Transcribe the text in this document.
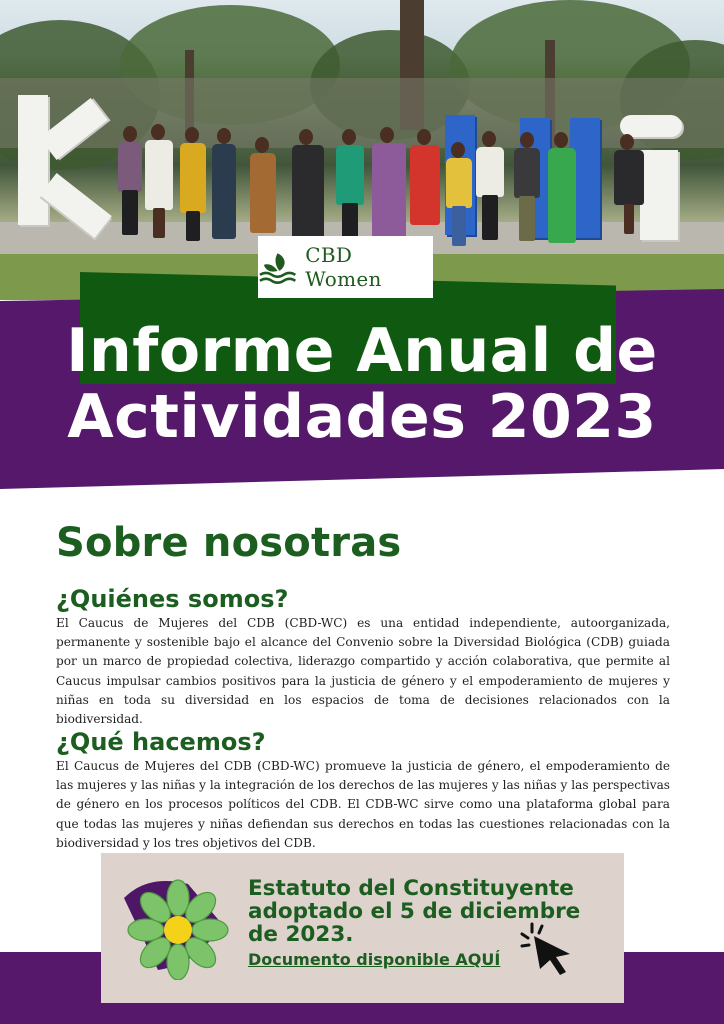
CBD Women
Informe Anual de
Actividades 2023
Sobre nosotras
¿Quiénes somos?

El Caucus de Mujeres del CDB (CBD-WC) es una entidad independiente, autoorganizada, permanente y sostenible bajo el alcance del Convenio sobre la Diversidad Biológica (CDB) guiada por un marco de propiedad colectiva, liderazgo compartido y acción colaborativa, que permite al Caucus impulsar cambios positivos para la justicia de género y el empoderamiento de mujeres y niñas en toda su diversidad en los espacios de toma de decisiones relacionados con la biodiversidad.

¿Qué hacemos?

El Caucus de Mujeres del CDB (CBD-WC) promueve la justicia de género, el empoderamiento de las mujeres y las niñas y la integración de los derechos de las mujeres y las niñas y las perspectivas de género en los procesos políticos del CDB. El CDB-WC sirve como una plataforma global para que todas las mujeres y niñas defiendan sus derechos en todas las cuestiones relacionadas con la biodiversidad y los tres objetivos del CDB.

Estatuto del Constituyente
adoptado el 5 de diciembre
de 2023.
Documento disponible AQUÍ
